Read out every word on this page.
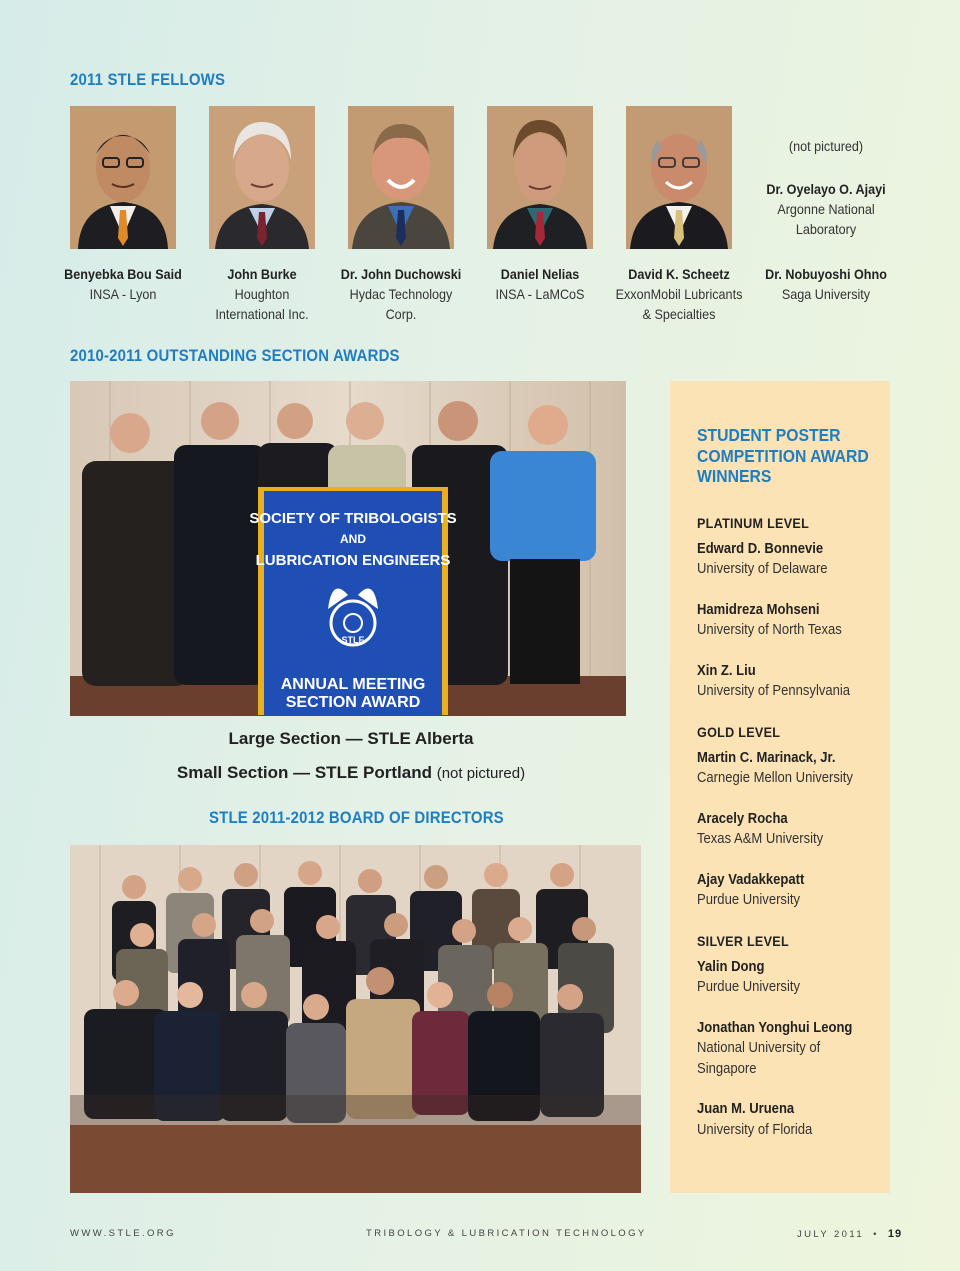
2011 STLE FELLOWS
(not pictured)
Dr. Oyelayo O. Ajayi
Argonne National
Laboratory
Benyebka Bou Said
INSA - Lyon
John Burke
Houghton
International Inc.
Dr. John Duchowski
Hydac Technology
Corp.
Daniel Nelias
INSA - LaMCoS
David K. Scheetz
ExxonMobil Lubricants
& Specialties
Dr. Nobuyoshi Ohno
Saga University
2010-2011 OUTSTANDING SECTION AWARDS
SOCIETY OF TRIBOLOGISTS
AND
LUBRICATION ENGINEERS
STLE
ANNUAL MEETING
SECTION AWARD
Large Section — STLE Alberta
Small Section — STLE Portland (not pictured)
STLE 2011-2012 BOARD OF DIRECTORS
STUDENT POSTER COMPETITION AWARD WINNERS
PLATINUM LEVEL
Edward D. Bonnevie
University of Delaware
Hamidreza Mohseni
University of North Texas
Xin Z. Liu
University of Pennsylvania
GOLD LEVEL
Martin C. Marinack, Jr.
Carnegie Mellon University
Aracely Rocha
Texas A&M University
Ajay Vadakkepatt
Purdue University
SILVER LEVEL
Yalin Dong
Purdue University
Jonathan Yonghui Leong
National University of
Singapore
Juan M. Uruena
University of Florida
WWW.STLE.ORG	TRIBOLOGY & LUBRICATION TECHNOLOGY	JULY 2011 • 19
